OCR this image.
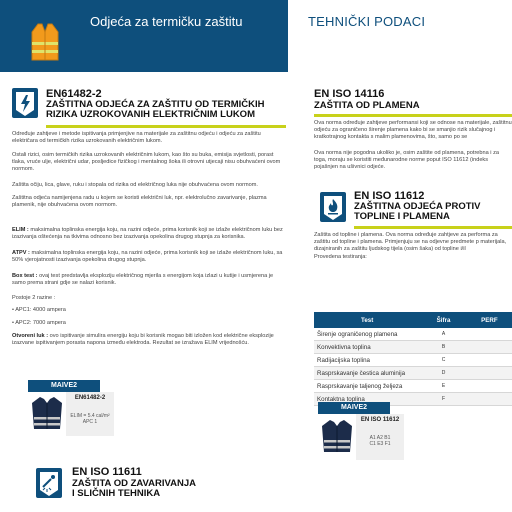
Odjeća za termičku zaštitu	TEHNIČKI PODACI
EN61482-2
ZAŠTITNA ODJEĆA ZA ZAŠTITU OD TERMIČKIH
RIZIKA UZROKOVANIH ELEKTRIČNIM LUKOM
Određuje zahtjeve i metode ispitivanja primjenjive na materijale za zaštitnu odjeću i odjeću za zaštitu električara od termičkih rizika uzrokovanih električnim lukom.
Ostali rizici, osim termičkih rizika uzrokovanih električnim lukom, kao što su buka, emisija svjetlosti, porast tlaka, vruće ulje, električni udar, posljedice fizičkog i mentalnog šoka ili otrovni utjecaji nisu obuhvaćeni ovom normom.
Zaštita očiju, lica, glave, ruku i stopala od rizika od električnog luka nije obuhvaćena ovom normom.
Zaštitna odjeća namijenjena radu u kojem se koristi električni luk, npr. elektrolučno zavarivanje, plazma plamenik, nije obuhvaćena ovom normom.
ELIM : maksimalna toplinska energija koju, na razini odjeće, prima korisnik koji se izlaže električnom luku bez izazivanja oštećenja na tkivima odnosno bez izazivanja opekolina drugog stupnja za korisnika.
ATPV : maksimalna toplinska energija koju, na razini odjeće, prima korisnik koji se izlaže električnom luku, sa 50% vjerojatnosti izazivanja opekolina drugog stupnja.
Box test : ovaj test predstavlja eksploziju električnog mjerila s energijom koja izlazi u kutije i usmjerena je samo prema strani gdje se nalazi korisnik.
Postoje 2 razine :
• APC1: 4000 ampera
• APC2: 7000 ampera
Otvoreni luk : ovo ispitivanje simulira energiju koju bi korisnik mogao biti izložen kod električne eksplozije izazvane ispitivanjem porasta napona između elektroda. Rezultat se izražava ELIM vrijednošću.
MAIVE2
EN61482-2
ELIM = 5.4 cal/m²
APC 1
EN ISO 14116
ZAŠTITA OD PLAMENA
Ova norma određuje zahtjeve performansi koji se odnose na materijale, zaštitnu odjeću za ograničeno širenje plamena kako bi se smanjio rizik slučajnog i kratkotrajnog kontakta s malim plamenovima, što, samo po se
Ova norma nije pogodna ukoliko je, osim zaštite od plamena, potrebna i za toga, moraju se koristiti međunarodne norme poput ISO 11612 (indeks pojašnjen na ušivnici odjeće.
EN ISO 11612
ZAŠTITNA ODJEĆA PROTIV
TOPLINE I PLAMENA
Zaštita od topline i plamena. Ova norma određuje zahtjeve za performa za zaštitu od topline i plamena. Primjenjuju se na odjevne predmete p materijala, dizajniranih za zaštitu ljudskog tijela (osim šaka) od topline i/il
Provedena testiranja:
Test	Šifra	PERF
Širenje ograničenog plamena	A	
Konvektivna toplina	B	
Radijacijska toplina	C	
Rasprskavanje čestica aluminija	D	
Rasprskavanje taljenog željeza	E	
Kontaktna toplina	F	
MAIVE2
EN ISO 11612
A1 A2 B1
C1 E3 F1
EN ISO 11611
ZAŠTITA OD ZAVARIVANJA
I SLIČNIH TEHNIKA
